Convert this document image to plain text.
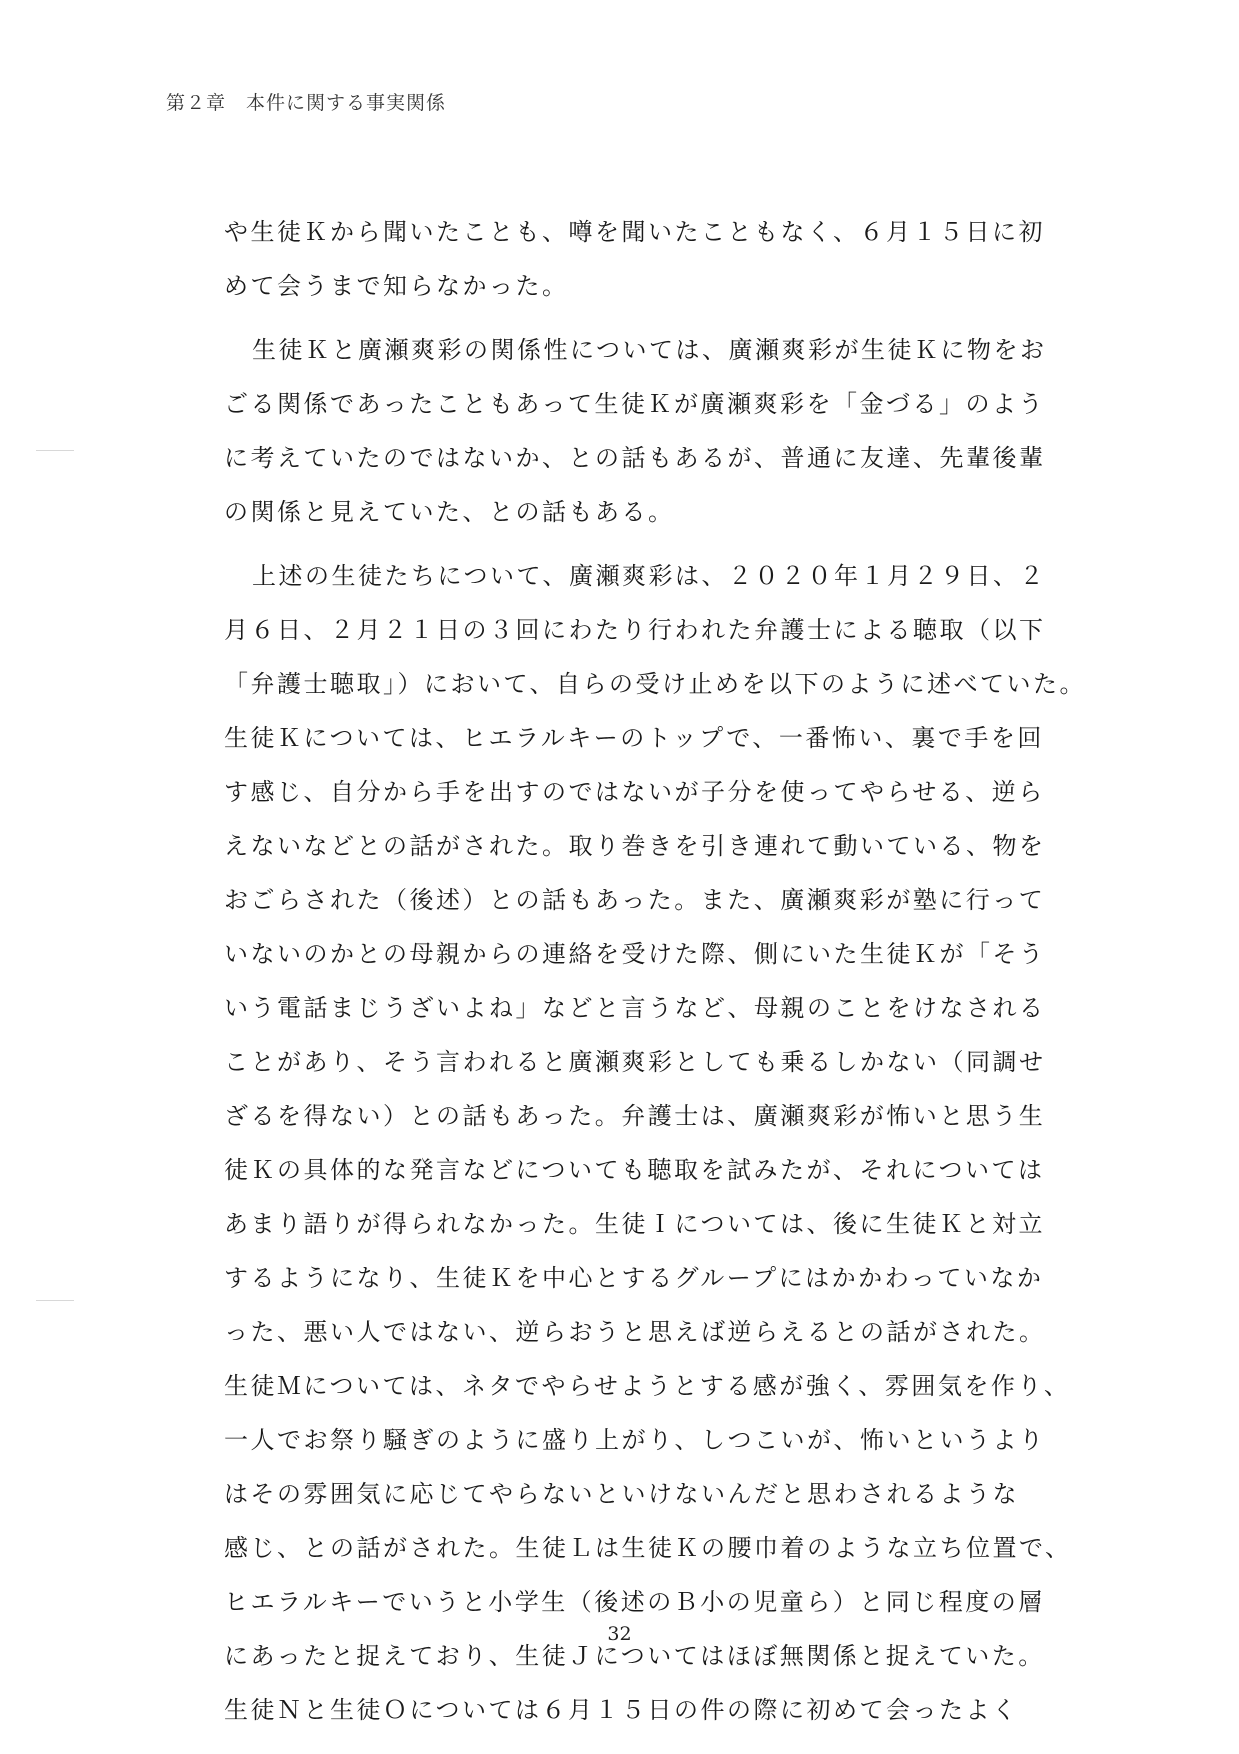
第２章　本件に関する事実関係
や生徒Ｋから聞いたことも、噂を聞いたこともなく、６月１５日に初
めて会うまで知らなかった。
生徒Ｋと廣瀬爽彩の関係性については、廣瀬爽彩が生徒Ｋに物をお
ごる関係であったこともあって生徒Ｋが廣瀬爽彩を「金づる」のよう
に考えていたのではないか、との話もあるが、普通に友達、先輩後輩
の関係と見えていた、との話もある。
上述の生徒たちについて、廣瀬爽彩は、２０２０年１月２９日、２
月６日、２月２１日の３回にわたり行われた弁護士による聴取（以下
「弁護士聴取」）において、自らの受け止めを以下のように述べていた。
生徒Ｋについては、ヒエラルキーのトップで、一番怖い、裏で手を回
す感じ、自分から手を出すのではないが子分を使ってやらせる、逆ら
えないなどとの話がされた。取り巻きを引き連れて動いている、物を
おごらされた（後述）との話もあった。また、廣瀬爽彩が塾に行って
いないのかとの母親からの連絡を受けた際、側にいた生徒Ｋが「そう
いう電話まじうざいよね」などと言うなど、母親のことをけなされる
ことがあり、そう言われると廣瀬爽彩としても乗るしかない（同調せ
ざるを得ない）との話もあった。弁護士は、廣瀬爽彩が怖いと思う生
徒Ｋの具体的な発言などについても聴取を試みたが、それについては
あまり語りが得られなかった。生徒Ｉについては、後に生徒Ｋと対立
するようになり、生徒Ｋを中心とするグループにはかかわっていなか
った、悪い人ではない、逆らおうと思えば逆らえるとの話がされた。
生徒Ｍについては、ネタでやらせようとする感が強く、雰囲気を作り、
一人でお祭り騒ぎのように盛り上がり、しつこいが、怖いというより
はその雰囲気に応じてやらないといけないんだと思わされるような
感じ、との話がされた。生徒Ｌは生徒Ｋの腰巾着のような立ち位置で、
ヒエラルキーでいうと小学生（後述のＢ小の児童ら）と同じ程度の層
にあったと捉えており、生徒Ｊについてはほぼ無関係と捉えていた。
生徒Ｎと生徒Ｏについては６月１５日の件の際に初めて会ったよく
32
